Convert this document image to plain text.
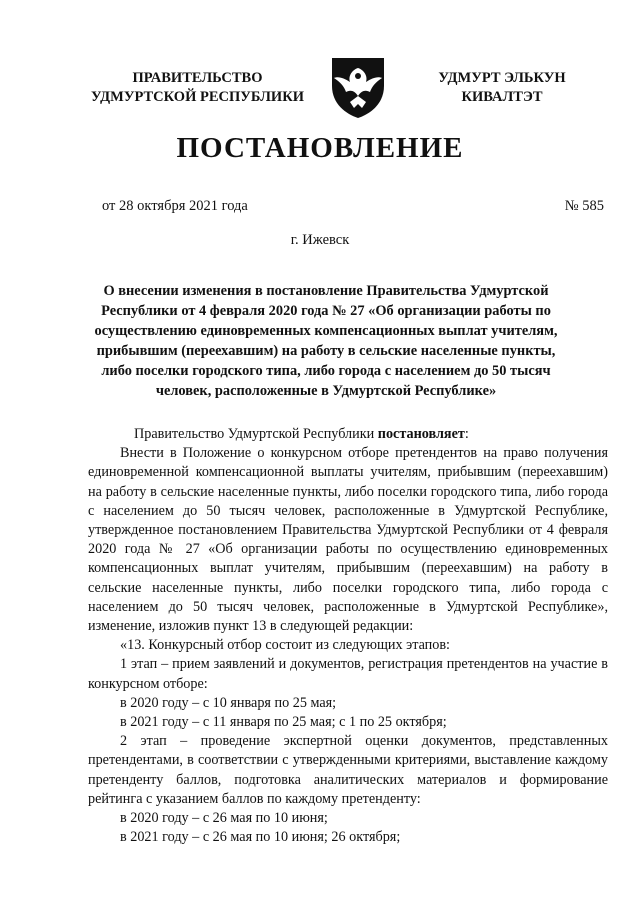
ПРАВИТЕЛЬСТВО
УДМУРТСКОЙ РЕСПУБЛИКИ
УДМУРТ ЭЛЬКУН
КИВАЛТЭТ
ПОСТАНОВЛЕНИЕ
от 28 октября 2021 года	№ 585
г. Ижевск
О внесении изменения в постановление Правительства Удмуртской Республики от 4 февраля 2020 года № 27 «Об организации работы по осуществлению единовременных компенсационных выплат учителям, прибывшим (переехавшим) на работу в сельские населенные пункты, либо поселки городского типа, либо города с населением до 50 тысяч человек, расположенные в Удмуртской Республике»

Правительство Удмуртской Республики постановляет:

Внести в Положение о конкурсном отборе претендентов на право получения единовременной компенсационной выплаты учителям, прибывшим (переехавшим) на работу в сельские населенные пункты, либо поселки городского типа, либо города с населением до 50 тысяч человек, расположенные в Удмуртской Республике, утвержденное постановлением Правительства Удмуртской Республики от 4 февраля 2020 года № 27 «Об организации работы по осуществлению единовременных компенсационных выплат учителям, прибывшим (переехавшим) на работу в сельские населенные пункты, либо поселки городского типа, либо города с населением до 50 тысяч человек, расположенные в Удмуртской Республике», изменение, изложив пункт 13 в следующей редакции:

«13. Конкурсный отбор состоит из следующих этапов:

1 этап – прием заявлений и документов, регистрация претендентов на участие в конкурсном отборе:

в 2020 году – с 10 января по 25 мая;

в 2021 году – с 11 января по 25 мая; с 1 по 25 октября;

2 этап – проведение экспертной оценки документов, представленных претендентами, в соответствии с утвержденными критериями, выставление каждому претенденту баллов, подготовка аналитических материалов и формирование рейтинга с указанием баллов по каждому претенденту:

в 2020 году – с 26 мая по 10 июня;

в 2021 году – с 26 мая по 10 июня; 26 октября;
